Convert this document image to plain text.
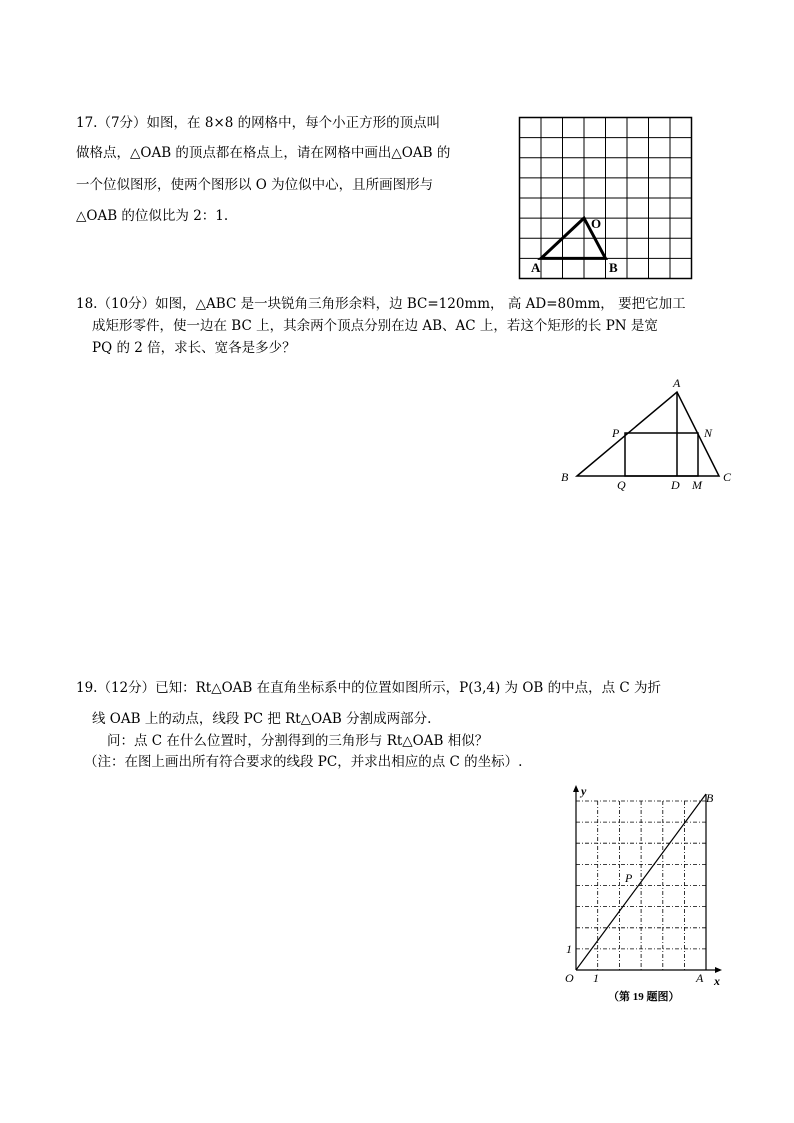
17.（7分）如图，在 8×8 的网格中，每个小正方形的顶点叫
做格点，△OAB 的顶点都在格点上，请在网格中画出△OAB 的
一个位似图形，使两个图形以 O 为位似中心，且所画图形与
△OAB 的位似比为 2：1.	O
A	B
18.（10分）如图，△ABC 是一块锐角三角形余料，边 BC=120mm， 高 AD=80mm， 要把它加工
成矩形零件，使一边在 BC 上，其余两个顶点分别在边 AB、AC 上，若这个矩形的长 PN 是宽
PQ 的 2 倍，求长、宽各是多少？
A
P	N
B	C
Q	D M
19.（12分）已知：Rt△OAB 在直角坐标系中的位置如图所示，P(3,4) 为 OB 的中点，点 C 为折
线 OAB 上的动点，线段 PC 把 Rt△OAB 分割成两部分.
问：点 C 在什么位置时，分割得到的三角形与 Rt△OAB 相似？
（注：在图上画出所有符合要求的线段 PC，并求出相应的点 C 的坐标）.
y
x
B
P
1
O 1	A
（第 19 题图）
